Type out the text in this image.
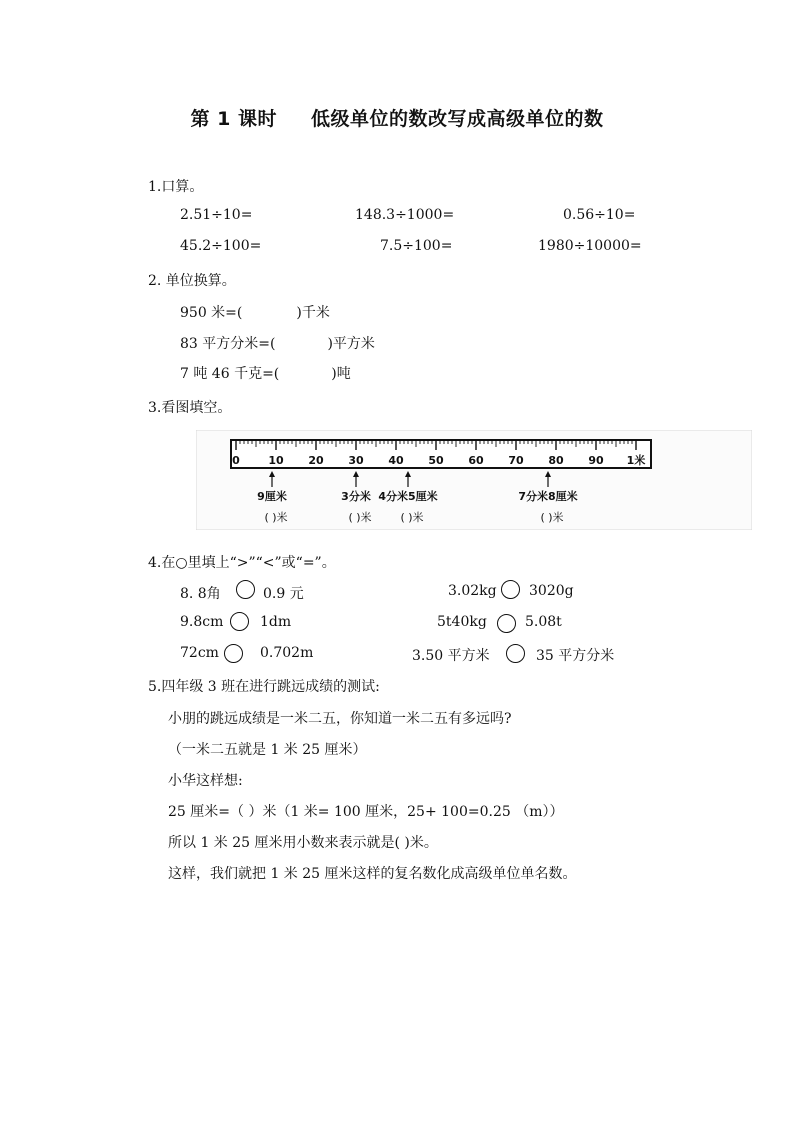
第 1 课时 低级单位的数改写成高级单位的数
1.口算。
2.51÷10=	148.3÷1000=	0.56÷10=
45.2÷100=	7.5÷100=	1980÷10000=
2. 单位换算。
950 米=(	)千米
83 平方分米=(	)平方米
7 吨 46 千克=(	)吨
3.看图填空。
0	10 20 30 40 50 60 70 80 90 1米
9厘米
( )米
3分米
( )米
4分米5厘米
( )米
7分米8厘米
( )米
4.在○里填上“>”“<”或“=”。
8. 8角	0.9 元	3.02kg 3020g
9.8cm	1dm	5t40kg	5.08t
72cm	0.702m	3.50 平方米	35 平方分米
5.四年级 3 班在进行跳远成绩的测试:
小朋的跳远成绩是一米二五，你知道一米二五有多远吗?
（一米二五就是 1 米 25 厘米）
小华这样想:
25 厘米=（ ）米（1 米= 100 厘米，25+ 100=0.25 （m））
所以 1 米 25 厘米用小数来表示就是( )米。
这样，我们就把 1 米 25 厘米这样的复名数化成高级单位单名数。
